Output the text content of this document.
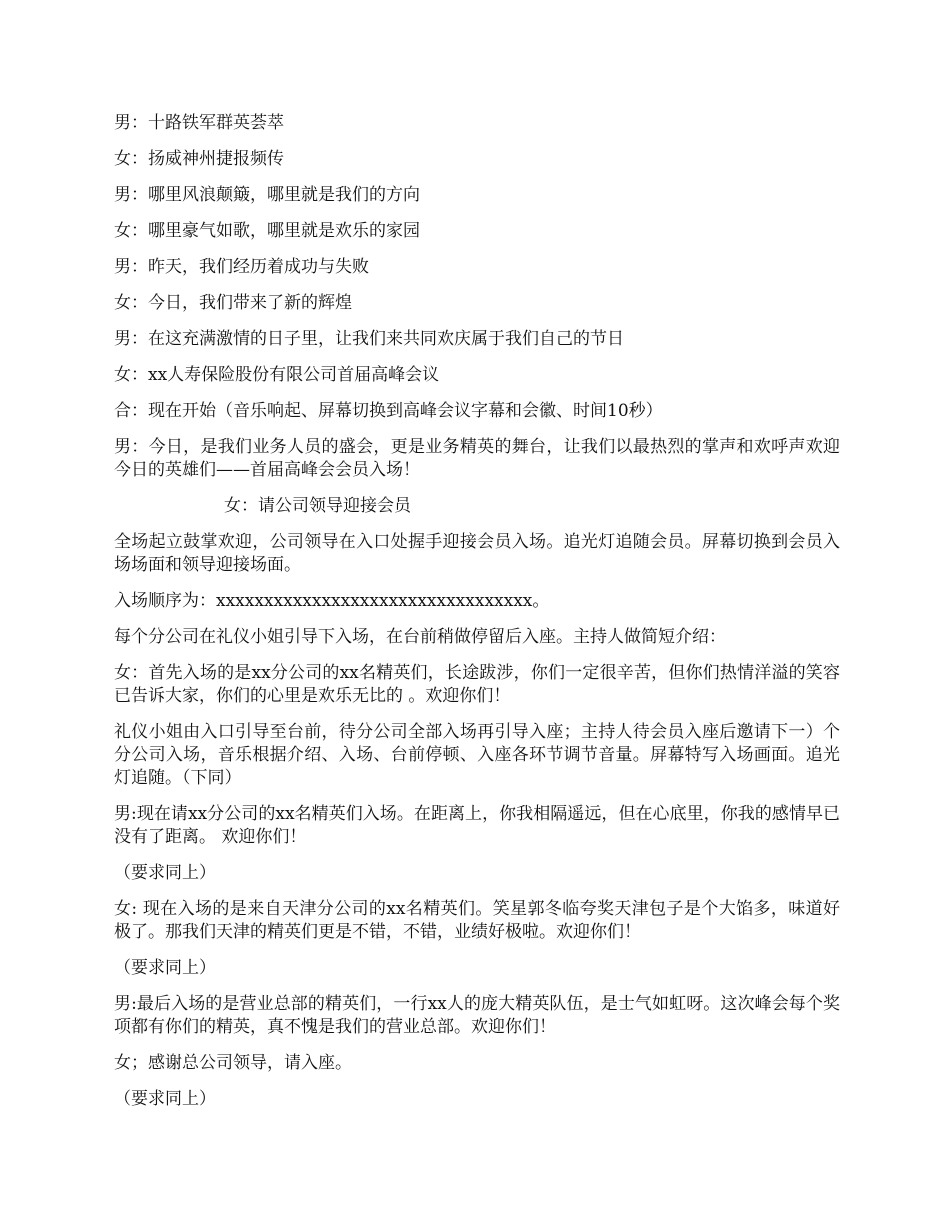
男：十路铁军群英荟萃

女：扬威神州捷报频传

男：哪里风浪颠簸，哪里就是我们的方向

女：哪里豪气如歌，哪里就是欢乐的家园

男：昨天，我们经历着成功与失败

女：今日，我们带来了新的辉煌

男：在这充满激情的日子里，让我们来共同欢庆属于我们自己的节日

女：xx人寿保险股份有限公司首届高峰会议

合：现在开始（音乐响起、屏幕切换到高峰会议字幕和会徽、时间10秒）

男：今日，是我们业务人员的盛会，更是业务精英的舞台，让我们以最热烈的掌声和欢呼声欢迎今日的英雄们——首届高峰会会员入场！

女：请公司领导迎接会员

全场起立鼓掌欢迎，公司领导在入口处握手迎接会员入场。追光灯追随会员。屏幕切换到会员入场场面和领导迎接场面。

入场顺序为：xxxxxxxxxxxxxxxxxxxxxxxxxxxxxxxxx。

每个分公司在礼仪小姐引导下入场，在台前稍做停留后入座。主持人做简短介绍：

女：首先入场的是xx分公司的xx名精英们，长途跋涉，你们一定很辛苦，但你们热情洋溢的笑容已告诉大家，你们的心里是欢乐无比的 。欢迎你们！

礼仪小姐由入口引导至台前，待分公司全部入场再引导入座；主持人待会员入座后邀请下一）个分公司入场，音乐根据介绍、入场、台前停顿、入座各环节调节音量。屏幕特写入场画面。追光灯追随。（下同）

男:现在请xx分公司的xx名精英们入场。在距离上，你我相隔遥远，但在心底里，你我的感情早已没有了距离。 欢迎你们！

（要求同上）

女: 现在入场的是来自天津分公司的xx名精英们。笑星郭冬临夸奖天津包子是个大馅多，味道好极了。那我们天津的精英们更是不错，不错，业绩好极啦。欢迎你们！

（要求同上）

男:最后入场的是营业总部的精英们，一行xx人的庞大精英队伍，是士气如虹呀。这次峰会每个奖项都有你们的精英，真不愧是我们的营业总部。欢迎你们！

女；感谢总公司领导，请入座。

（要求同上）
